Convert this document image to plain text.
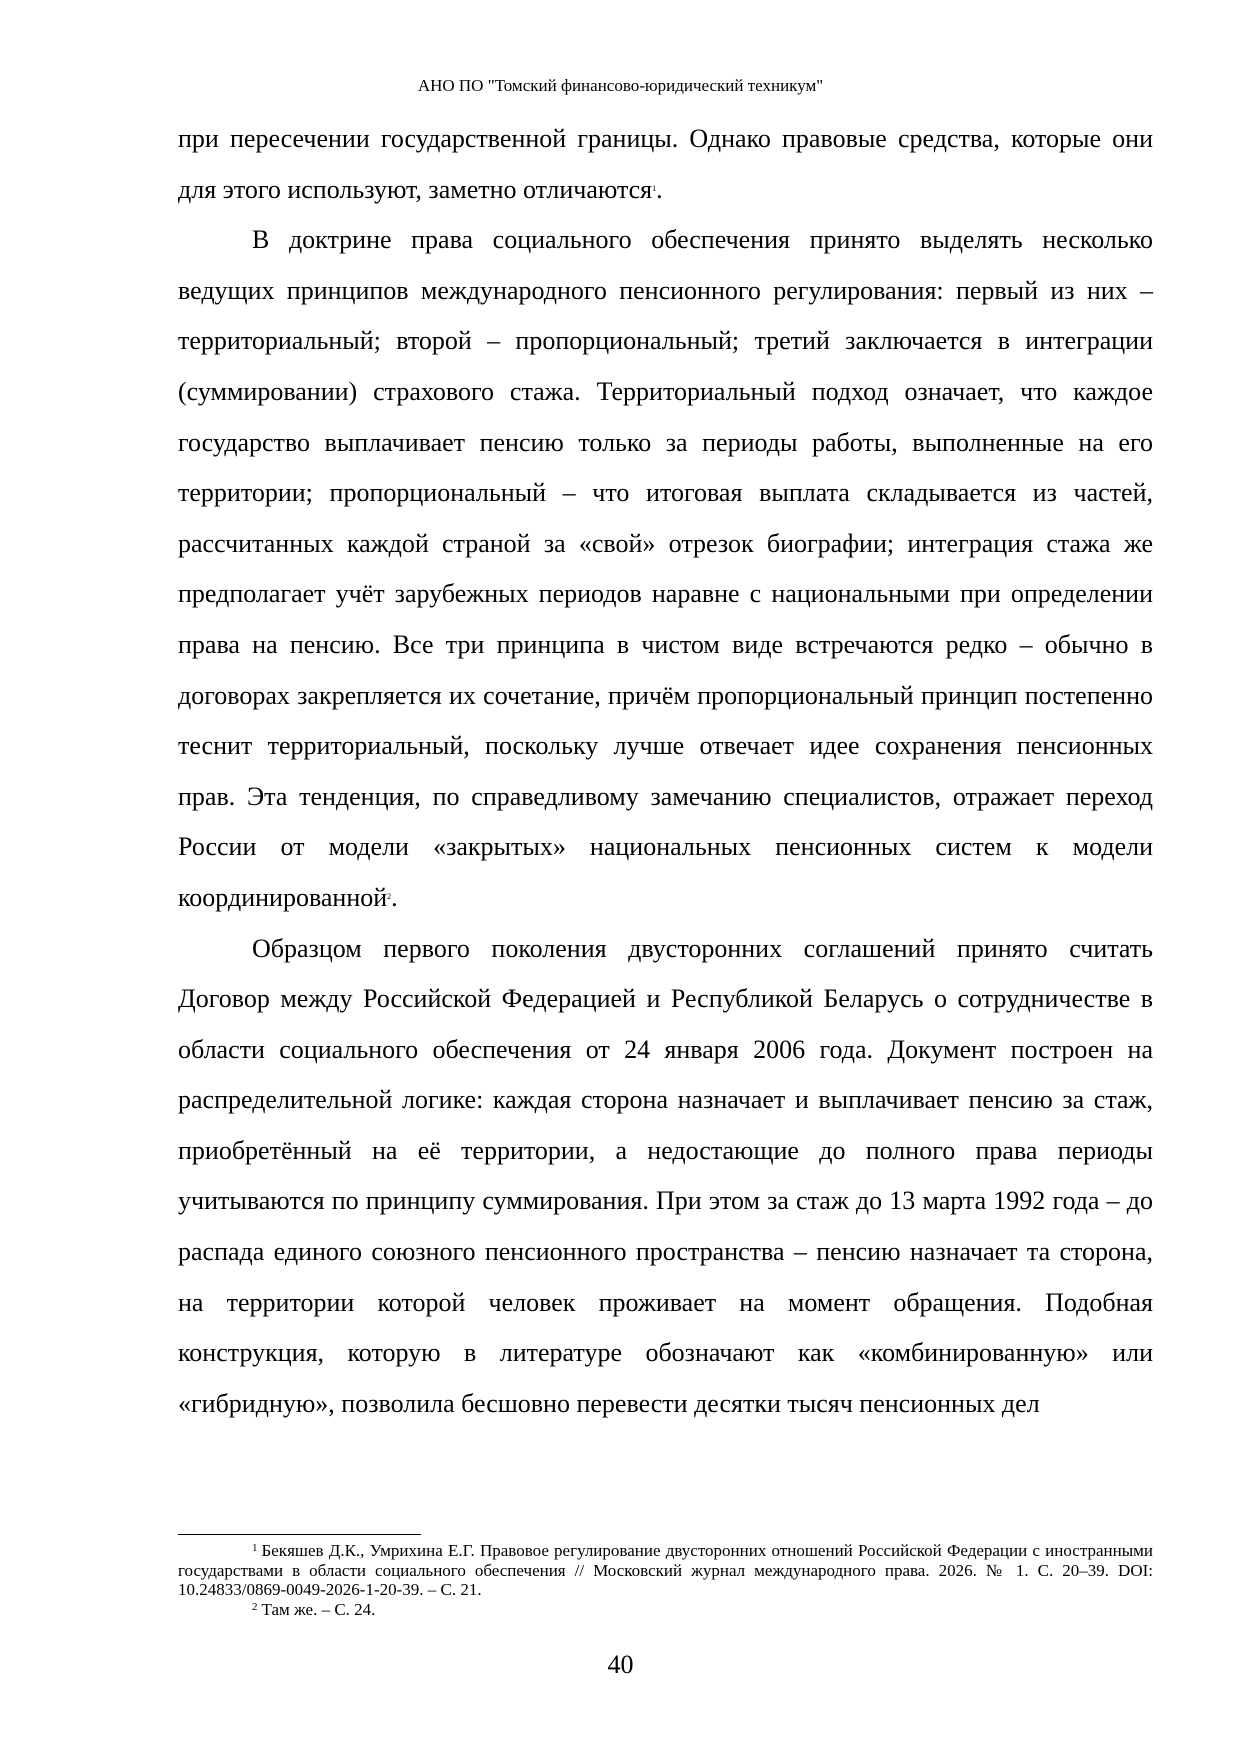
АНО ПО "Томский финансово-юридический техникум"

при пересечении государственной границы. Однако правовые средства, которые они для этого используют, заметно отличаются$^1$.

В доктрине права социального обеспечения принято выделять несколько ведущих принципов международного пенсионного регулирования: первый из них – территориальный; второй – пропорциональный; третий заключается в интеграции (суммировании) страхового стажа. Территориальный подход означает, что каждое государство выплачивает пенсию только за периоды работы, выполненные на его территории; пропорциональный – что итоговая выплата складывается из частей, рассчитанных каждой страной за «свой» отрезок биографии; интеграция стажа же предполагает учёт зарубежных периодов наравне с национальными при определении права на пенсию. Все три принципа в чистом виде встречаются редко – обычно в договорах закрепляется их сочетание, причём пропорциональный принцип постепенно теснит территориальный, поскольку лучше отвечает идее сохранения пенсионных прав. Эта тенденция, по справедливому замечанию специалистов, отражает переход России от модели «закрытых» национальных пенсионных систем к модели координированной$^2$.

Образцом первого поколения двусторонних соглашений принято считать Договор между Российской Федерацией и Республикой Беларусь о сотрудничестве в области социального обеспечения от 24 января 2006 года. Документ построен на распределительной логике: каждая сторона назначает и выплачивает пенсию за стаж, приобретённый на её территории, а недостающие до полного права периоды учитываются по принципу суммирования. При этом за стаж до 13 марта 1992 года – до распада единого союзного пенсионного пространства – пенсию назначает та сторона, на территории которой человек проживает на момент обращения. Подобная конструкция, которую в литературе обозначают как «комбинированную» или «гибридную», позволила бесшовно перевести десятки тысяч пенсионных дел

$^1$ Бекяшев Д.К., Умрихина Е.Г. Правовое регулирование двусторонних отношений Российской Федерации с иностранными государствами в области социального обеспечения // Московский журнал международного права. 2026. № 1. С. 20–39. DOI: 10.24833/0869-0049-2026-1-20-39. – С. 21.

$^2$ Там же. – С. 24.

40
